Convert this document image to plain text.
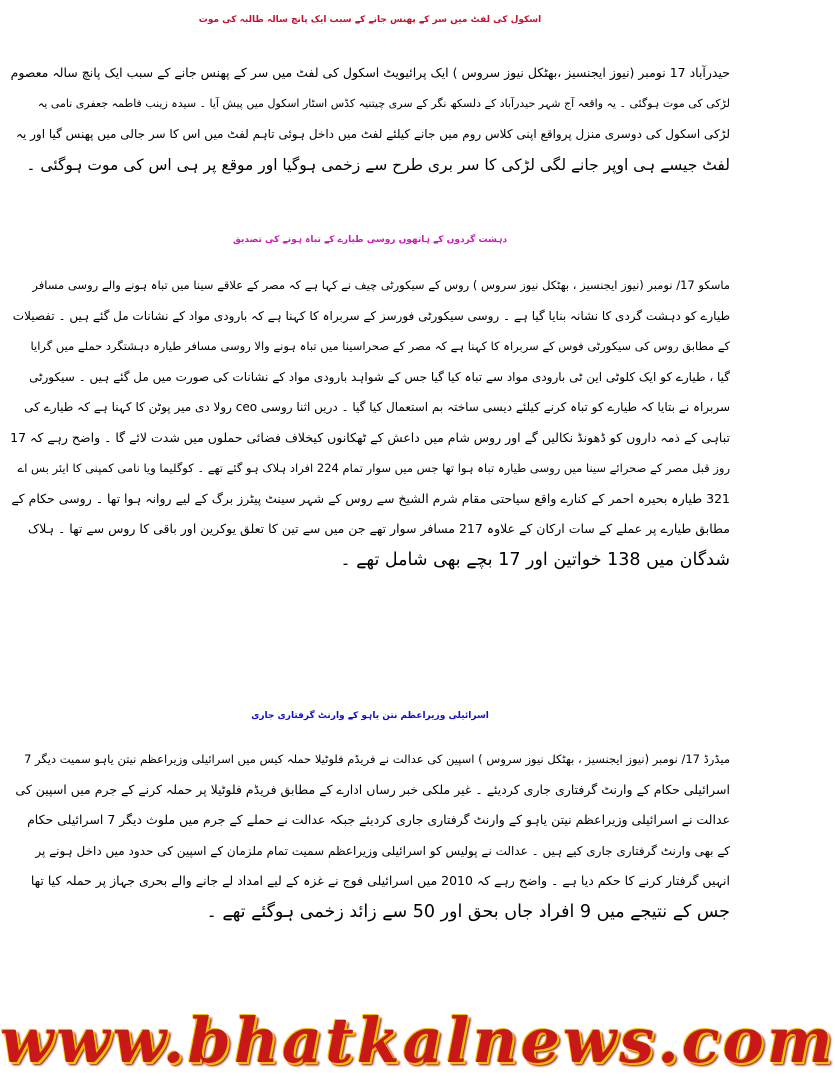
اسکول کی لفٹ میں سر کے پھنس جانے کے سبب ایک پانچ سالہ طالبہ کی موت
حیدرآباد 17 نومبر (نیوز ایجنسیز ،بھٹکل نیوز سروس ) ایک پرائیویٹ اسکول کی لفٹ میں سر کے پھنس جانے کے سبب ایک پانچ سالہ معصوم
لڑکی کی موت ہوگئی ۔ یہ واقعہ آج شہر حیدرآباد کے دلسکھ نگر کے سری چیتنیہ کڈس اسٹار اسکول میں پیش آیا ۔ سیدہ زینب فاطمہ جعفری نامی یہ
لڑکی اسکول کی دوسری منزل پرواقع اپنی کلاس روم میں جانے کیلئے لفٹ میں داخل ہوئی تاہم لفٹ میں اس کا سر جالی میں پھنس گیا اور یہ
لفٹ جیسے ہی اوپر جانے لگی لڑکی کا سر بری طرح سے زخمی ہوگیا اور موقع پر ہی اس کی موت ہوگئی ۔
دہشت گردوں کے ہاتھوں روسی طیارے کے تباہ ہونے کی تصدیق
ماسکو 17/ نومبر (نیوز ایجنسیز ، بھٹکل نیوز سروس ) روس کے سیکورٹی چیف نے کہا ہے کہ مصر کے علاقے سینا میں تباہ ہونے والے روسی مسافر
طیارے کو دہشت گردی کا نشانہ بنایا گیا ہے ۔ روسی سیکورٹی فورسز کے سربراہ کا کہنا ہے کہ بارودی مواد کے نشانات مل گئے ہیں ۔ تفصیلات
کے مطابق روس کی سیکورٹی فوس کے سربراہ کا کہنا ہے کہ مصر کے صحراسینا میں تباہ ہونے والا روسی مسافر طیارہ دہشتگرد حملے میں گرایا
گیا ، طیارے کو ایک کلوٹی این ٹی بارودی مواد سے تباہ کیا گیا جس کے شواہد بارودی مواد کے نشانات کی صورت میں مل گئے ہیں ۔ سیکورٹی
سربراہ نے بتایا کہ طیارے کو تباہ کرنے کیلئے دیسی ساختہ بم استعمال کیا گیا ۔ دریں اثنا روسی ceo رولا دی میر پوٹن کا کہنا ہے کہ طیارے کی
تباہی کے ذمہ داروں کو ڈھونڈ نکالیں گے اور روس شام میں داعش کے ٹھکانوں کیخلاف فضائی حملوں میں شدت لائے گا ۔ واضح رہے کہ 17
روز قبل مصر کے صحرائے سینا میں روسی طیارہ تباہ ہوا تھا جس میں سوار تمام 224 افراد ہلاک ہو گئے تھے ۔ کوگلیما ویا نامی کمپنی کا ایئر بس اے
321 طیارہ بحیرہ احمر کے کنارے واقع سیاحتی مقام شرم الشیخ سے روس کے شہر سینٹ پیٹرز برگ کے لیے روانہ ہوا تھا ۔ روسی حکام کے
مطابق طیارے پر عملے کے سات ارکان کے علاوہ 217 مسافر سوار تھے جن میں سے تین کا تعلق یوکرین اور باقی کا روس سے تھا ۔ ہلاک
شدگان میں 138 خواتین اور 17 بچے بھی شامل تھے ۔
اسرائیلی وزیراعظم نتن یاہو کے وارنٹ گرفتاری جاری
میڈرڈ 17/ نومبر (نیوز ایجنسیز ، بھٹکل نیوز سروس ) اسپین کی عدالت نے فریڈم فلوٹیلا حملہ کیس میں اسرائیلی وزیراعظم نیتن یاہو سمیت دیگر 7
اسرائیلی حکام کے وارنٹ گرفتاری جاری کردیئے ۔ غیر ملکی خبر رساں ادارے کے مطابق فریڈم فلوٹیلا پر حملہ کرنے کے جرم میں اسپین کی
عدالت نے اسرائیلی وزیراعظم نیتن یاہو کے وارنٹ گرفتاری جاری کردیئے جبکہ عدالت نے حملے کے جرم میں ملوث دیگر 7 اسرائیلی حکام
کے بھی وارنٹ گرفتاری جاری کیے ہیں ۔ عدالت نے پولیس کو اسرائیلی وزیراعظم سمیت تمام ملزمان کے اسپین کی حدود میں داخل ہونے پر
انہیں گرفتار کرنے کا حکم دیا ہے ۔ واضح رہے کہ 2010 میں اسرائیلی فوج نے غزہ کے لیے امداد لے جانے والے بحری جہاز پر حملہ کیا تھا
جس کے نتیجے میں 9 افراد جاں بحق اور 50 سے زائد زخمی ہوگئے تھے ۔
www.bhatkalnews.com
